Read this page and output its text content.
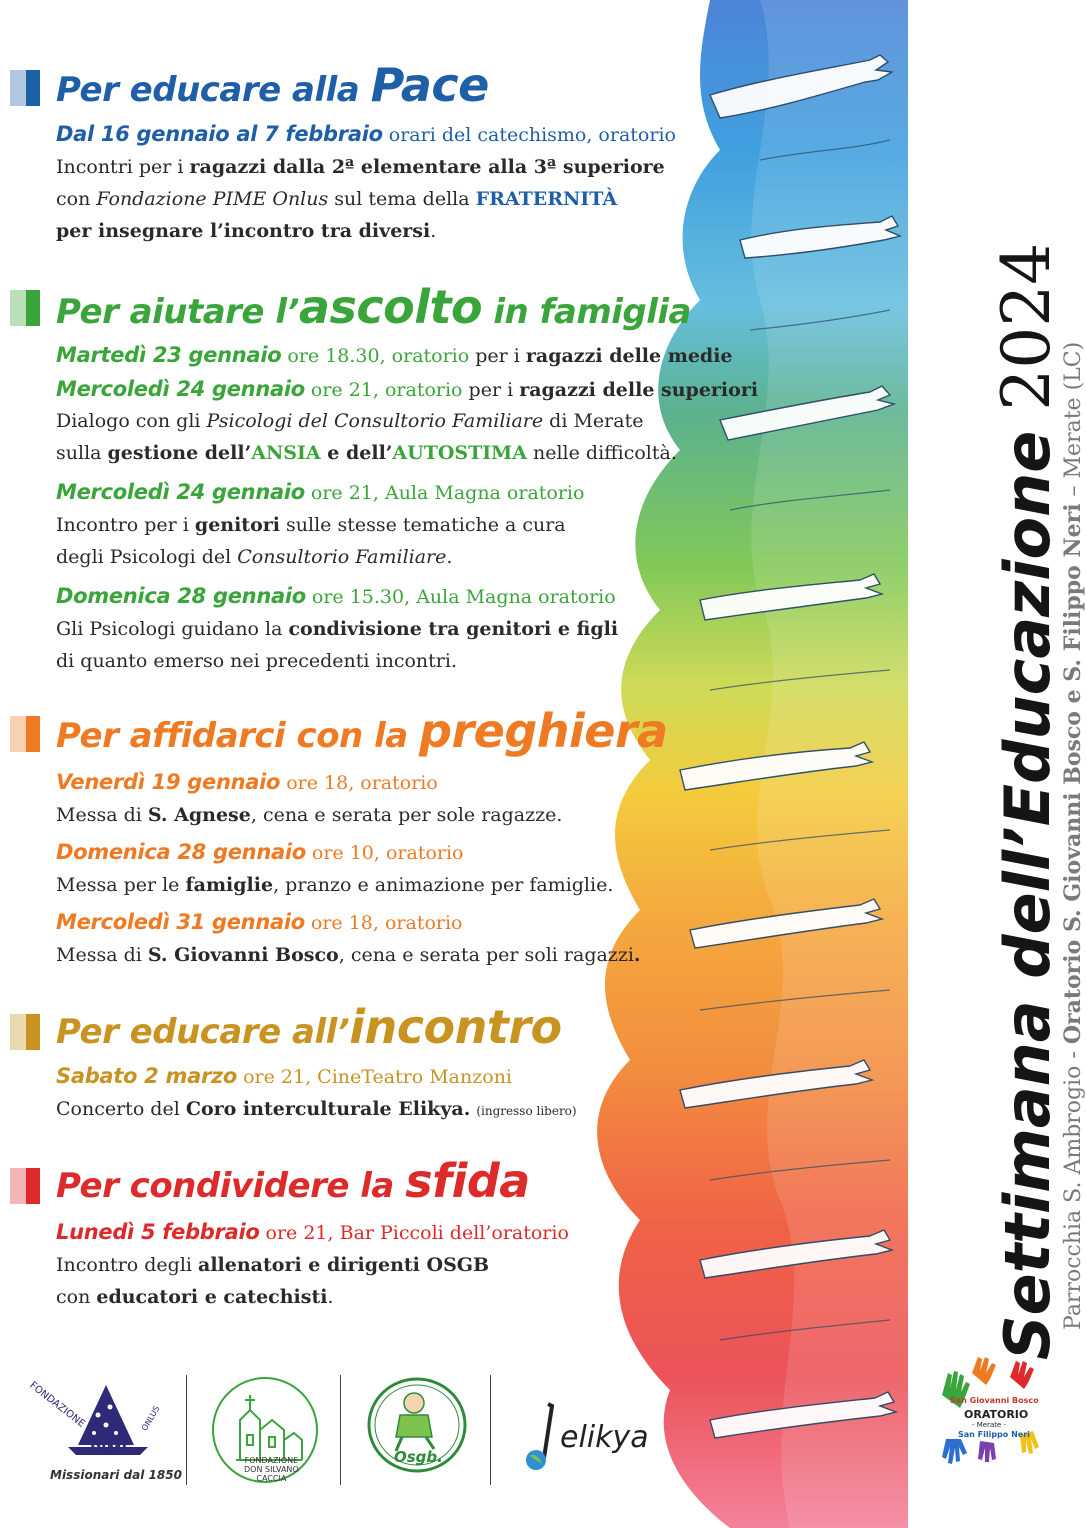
Settimana dell’Educazione2024
Parrocchia S. Ambrogio - Oratorio S. Giovanni Bosco e S. Filippo Neri – Merate (LC)
Per educare alla Pace
Dal 16 gennaio al 7 febbraio orari del catechismo, oratorio
Incontri per i ragazzi dalla 2ª elementare alla 3ª superiore
con Fondazione PIME Onlus sul tema della FRATERNITÀ
per insegnare l’incontro tra diversi.
Per aiutare l’ascolto in famiglia
Martedì 23 gennaio ore 18.30, oratorio per i ragazzi delle medie
Mercoledì 24 gennaio ore 21, oratorio per i ragazzi delle superiori
Dialogo con gli Psicologi del Consultorio Familiare di Merate
sulla gestione dell’ANSIA e dell’AUTOSTIMA nelle difficoltà.
Mercoledì 24 gennaio ore 21, Aula Magna oratorio
Incontro per i genitori sulle stesse tematiche a cura
degli Psicologi del Consultorio Familiare.
Domenica 28 gennaio ore 15.30, Aula Magna oratorio
Gli Psicologi guidano la condivisione tra genitori e figli
di quanto emerso nei precedenti incontri.
Per affidarci con la preghiera
Venerdì 19 gennaio ore 18, oratorio
Messa di S. Agnese, cena e serata per sole ragazze.
Domenica 28 gennaio ore 10, oratorio
Messa per le famiglie, pranzo e animazione per famiglie.
Mercoledì 31 gennaio ore 18, oratorio
Messa di S. Giovanni Bosco, cena e serata per soli ragazzi.
Per educare all’incontro
Sabato 2 marzo ore 21, CineTeatro Manzoni
Concerto del Coro interculturale Elikya. (ingresso libero)
Per condividere la sfida
Lunedì 5 febbraio ore 21, Bar Piccoli dell’oratorio
Incontro degli allenatori e dirigenti OSGB
con educatori e catechisti.
FONDAZIONE
PIME
ONLUS
Missionari dal 1850
FONDAZIONE
DON SILVANO
CACCIA
Osgb.
elikya
San Giovanni Bosco
ORATORIO
- Merate -
San Filippo Neri
